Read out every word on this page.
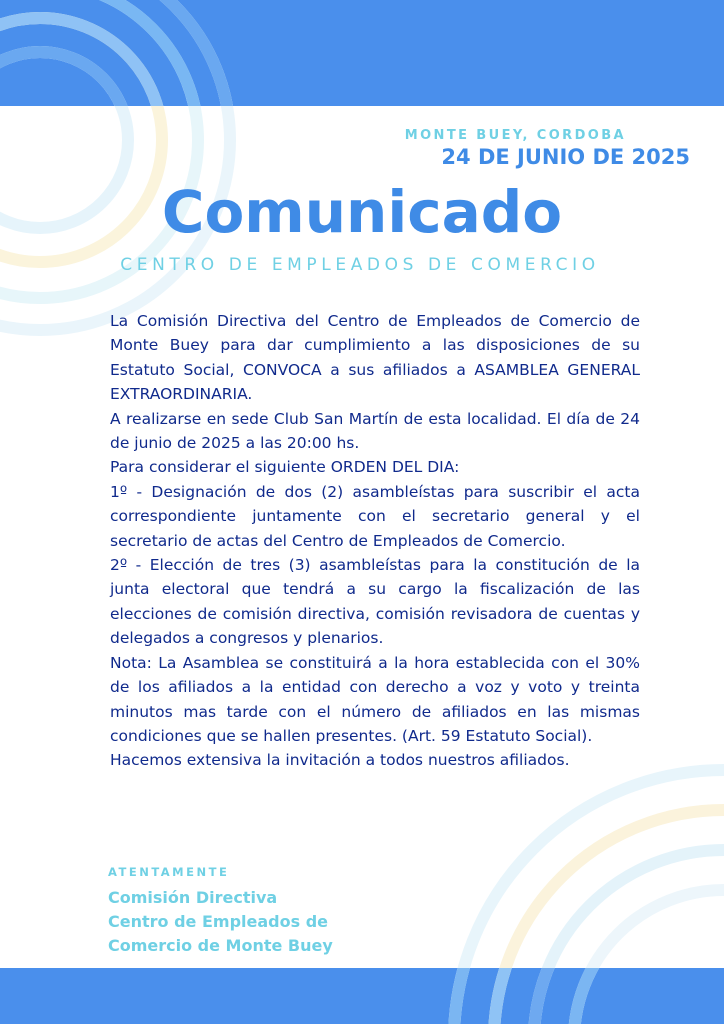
MONTE BUEY, CORDOBA
24 DE JUNIO DE 2025
Comunicado
CENTRO DE EMPLEADOS DE COMERCIO

La Comisión Directiva del Centro de Empleados de Comercio de Monte Buey para dar cumplimiento a las disposiciones de su Estatuto Social, CONVOCA a sus afiliados a ASAMBLEA GENERAL EXTRAORDINARIA.

A realizarse en sede Club San Martín de esta localidad. El día de 24 de junio de 2025 a las 20:00 hs.

Para considerar el siguiente ORDEN DEL DIA:

1º - Designación de dos (2) asambleístas para suscribir el acta correspondiente juntamente con el secretario general y el secretario de actas del Centro de Empleados de Comercio.

2º - Elección de tres (3) asambleístas para la constitución de la junta electoral que tendrá a su cargo la fiscalización de las elecciones de comisión directiva, comisión revisadora de cuentas y delegados a congresos y plenarios.

Nota: La Asamblea se constituirá a la hora establecida con el 30% de los afiliados a la entidad con derecho a voz y voto y treinta minutos mas tarde con el número de afiliados en las mismas condiciones que se hallen presentes. (Art. 59 Estatuto Social).

Hacemos extensiva la invitación a todos nuestros afiliados.

ATENTAMENTE
Comisión Directiva
Centro de Empleados de
Comercio de Monte Buey
